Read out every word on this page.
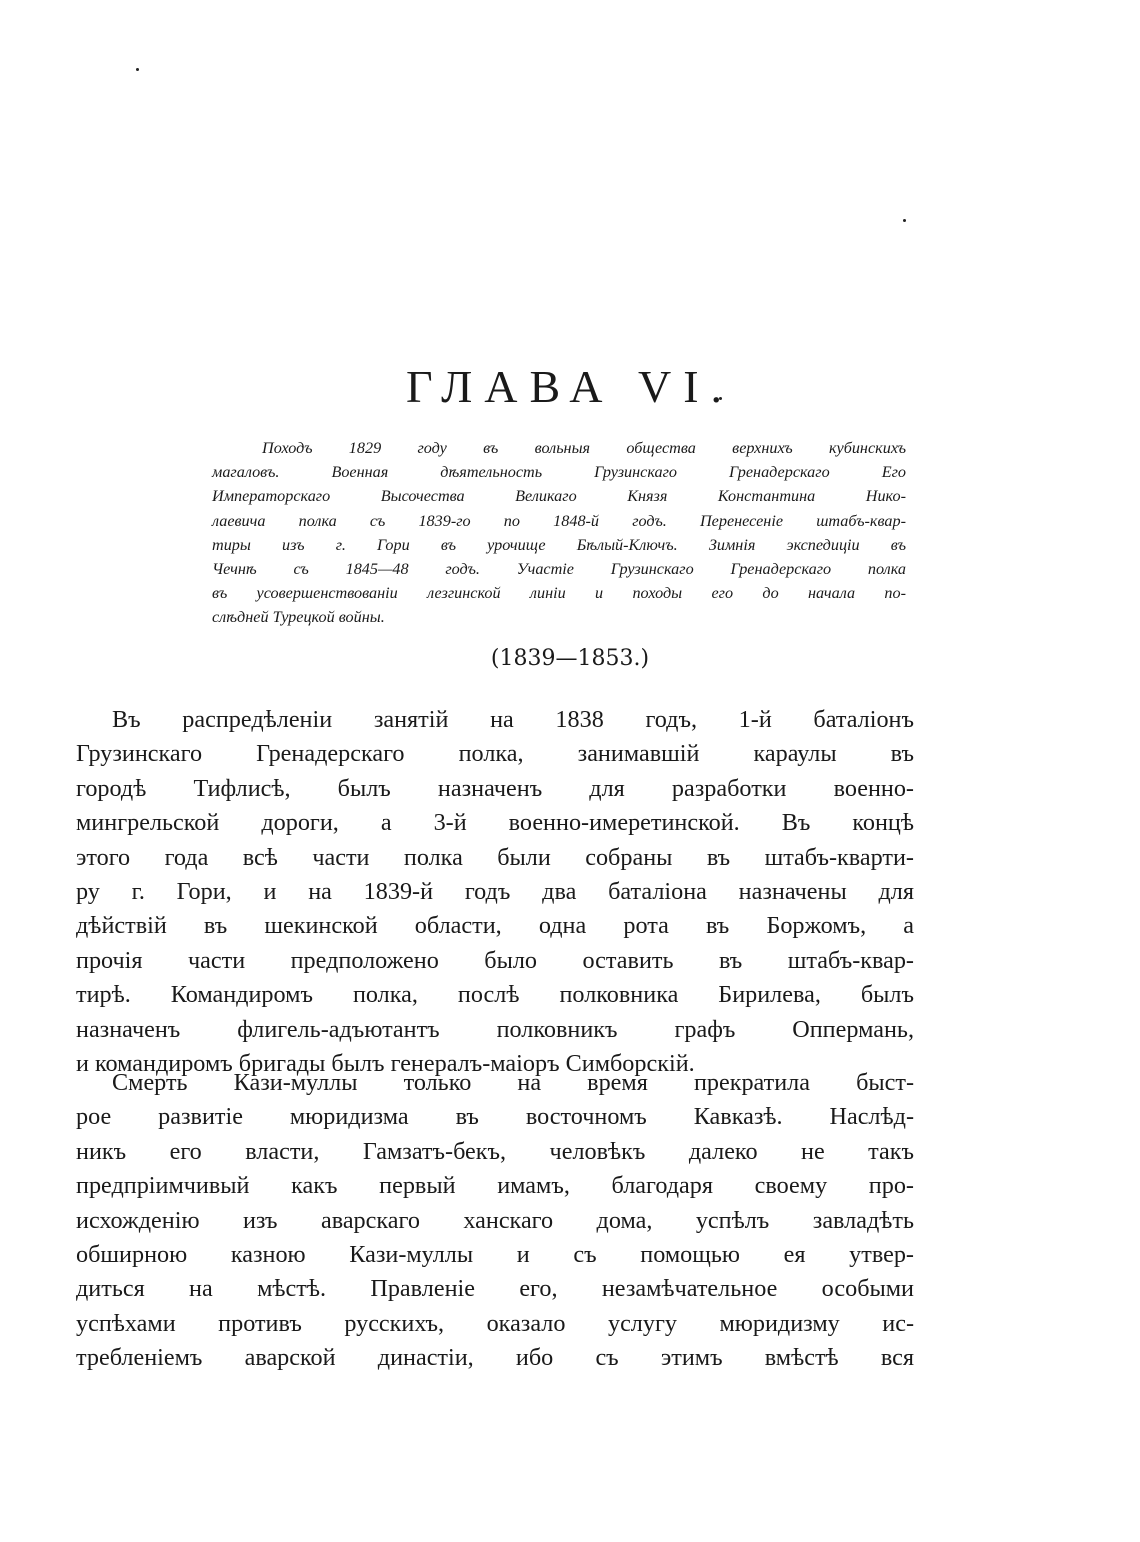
ГЛАВА VI.
Походъ 1829 году въ вольныя общества верхнихъ кубинскихъ
магаловъ. Военная дѣятельность Грузинскаго Гренадерскаго Его
Императорскаго Высочества Великаго Князя Константина Нико-
лаевича полка съ 1839-го по 1848-й годъ. Перенесеніе штабъ-квар-
тиры изъ г. Гори въ урочище Бѣлый-Ключъ. Зимнія экспедиціи въ
Чечнѣ съ 1845—48 годъ. Участіе Грузинскаго Гренадерскаго полка
въ усовершенствованіи лезгинской линіи и походы его до начала по-
слѣдней Турецкой войны.
(1839—1853.)
Въ распредѣленіи занятій на 1838 годъ, 1-й баталіонъ
Грузинскаго Гренадерскаго полка, занимавшій караулы въ
городѣ Тифлисѣ, былъ назначенъ для разработки военно-
мингрельской дороги, а 3-й военно-имеретинской. Въ концѣ
этого года всѣ части полка были собраны въ штабъ-кварти-
ру г. Гори, и на 1839-й годъ два баталіона назначены для
дѣйствій въ шекинской области, одна рота въ Боржомъ, а
прочія части предположено было оставить въ штабъ-квар-
тирѣ. Командиромъ полка, послѣ полковника Бирилева, былъ
назначенъ флигель-адъютантъ полковникъ графъ Оппермань,
и командиромъ бригады былъ генералъ-маіоръ Симборскій.
Смерть Кази-муллы только на время прекратила быст-
рое развитіе мюридизма въ восточномъ Кавказѣ. Наслѣд-
никъ его власти, Гамзатъ-бекъ, человѣкъ далеко не такъ
предпріимчивый какъ первый имамъ, благодаря своему про-
исхожденію изъ аварскаго ханскаго дома, успѣлъ завладѣть
обширною казною Кази-муллы и съ помощью ея утвер-
диться на мѣстѣ. Правленіе его, незамѣчательное особыми
успѣхами противъ русскихъ, оказало услугу мюридизму ис-
требленіемъ аварской династіи, ибо съ этимъ вмѣстѣ вся
